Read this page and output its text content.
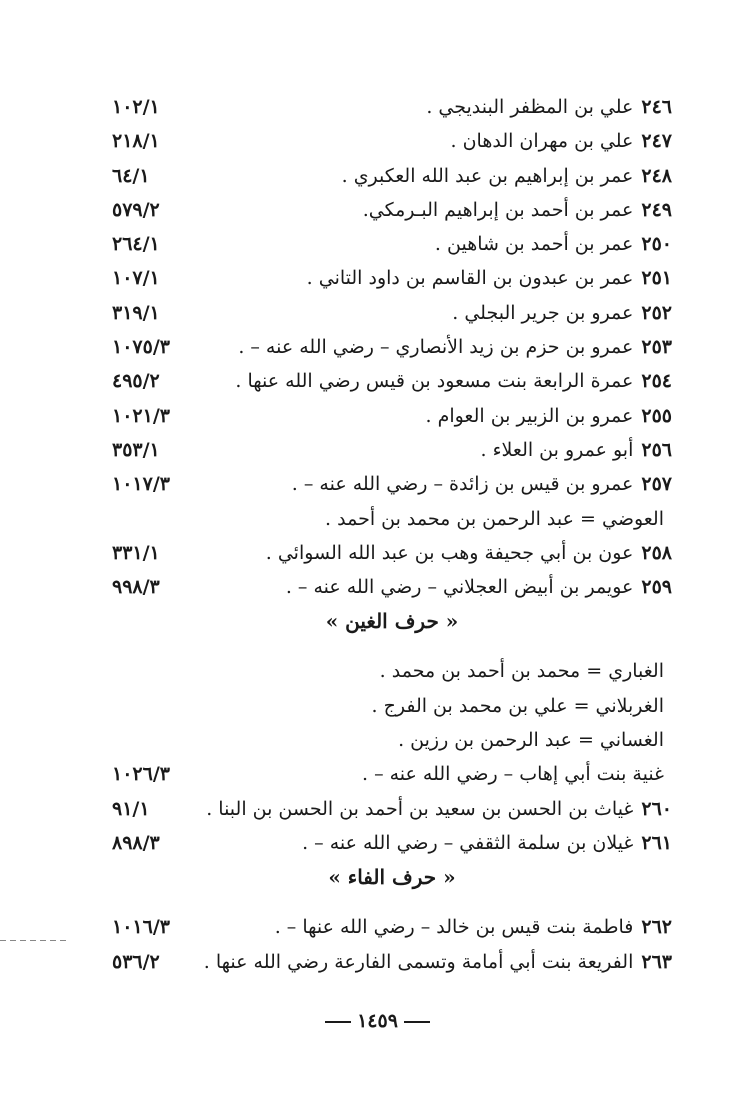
٢٤٦
علي بن المظفر البنديجي .
١٠٢/١
٢٤٧
علي بن مهران الدهان .
٢١٨/١
٢٤٨
عمر بن إبراهيم بن عبد الله العكبري .
٦٤/١
٢٤٩
عمر بن أحمد بن إبراهيم البـرمكي.
٥٧٩/٢
٢٥٠
عمر بن أحمد بن شاهين .
٢٦٤/١
٢٥١
عمر بن عبدون بن القاسم بن داود التاني .
١٠٧/١
٢٥٢
عمرو بن جرير البجلي .
٣١٩/١
٢٥٣
عمرو بن حزم بن زيد الأنصاري – رضي الله عنه – .
١٠٧٥/٣
٢٥٤
عمرة الرابعة بنت مسعود بن قيس رضي الله عنها .
٤٩٥/٢
٢٥٥
عمرو بن الزبير بن العوام .
١٠٢١/٣
٢٥٦
أبو عمرو بن العلاء .
٣٥٣/١
٢٥٧
عمرو بن قيس بن زائدة – رضي الله عنه – .
١٠١٧/٣
العوضي = عبد الرحمن بن محمد بن أحمد .
٢٥٨
عون بن أبي جحيفة وهب بن عبد الله السوائي .
٣٣١/١
٢٥٩
عويمر بن أبيض العجلاني – رضي الله عنه – .
٩٩٨/٣
« حرف الغين »
الغباري = محمد بن أحمد بن محمد .
الغربلاني = علي بن محمد بن الفرج .
الغساني = عبد الرحمن بن رزين .
غنية بنت أبي إهاب – رضي الله عنه – .
١٠٢٦/٣
٢٦٠
غياث بن الحسن بن سعيد بن أحمد بن الحسن بن البنا .
٩١/١
٢٦١
غيلان بن سلمة الثقفي – رضي الله عنه – .
٨٩٨/٣
« حرف الفاء »
٢٦٢
فاطمة بنت قيس بن خالد – رضي الله عنها – .
١٠١٦/٣
٢٦٣
الفريعة بنت أبي أمامة وتسمى الفارعة رضي الله عنها .
٥٣٦/٢
١٤٥٩
